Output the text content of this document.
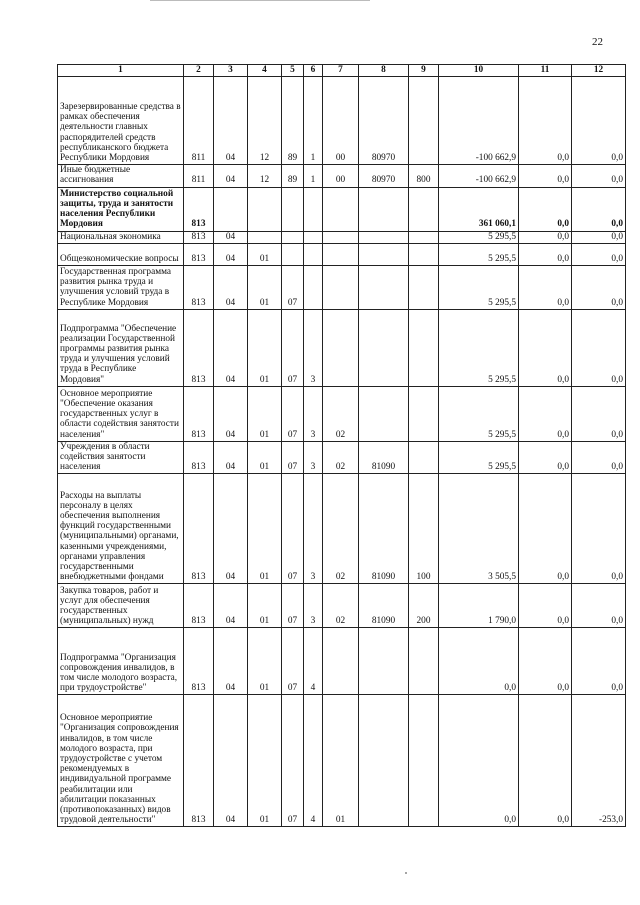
22
1	2	3	4	5	6	7	8	9	10	11	12
Зарезервированные средства в рамках обеспечения деятельности главных распорядителей средств республиканского бюджета Республики Мордовия	811	04	12	89	1	00	80970		-100 662,9	0,0	0,0
Иные бюджетные ассигнования	811	04	12	89	1	00	80970	800	-100 662,9	0,0	0,0
Министерство социальной защиты, труда и занятости населения Республики Мордовия	813								361 060,1	0,0	0,0
Национальная экономика	813	04							5 295,5	0,0	0,0
Общеэкономические вопросы	813	04	01						5 295,5	0,0	0,0
Государственная программа развития рынка труда и улучшения условий труда в Республике Мордовия	813	04	01	07					5 295,5	0,0	0,0
Подпрограмма "Обеспечение реализации Государственной программы развития рынка труда и улучшения условий труда в Республике Мордовия"	813	04	01	07	3				5 295,5	0,0	0,0
Основное мероприятие "Обеспечение оказания государственных услуг в области содействия занятости населения"	813	04	01	07	3	02			5 295,5	0,0	0,0
Учреждения в области содействия занятости населения	813	04	01	07	3	02	81090		5 295,5	0,0	0,0
Расходы на выплаты персоналу в целях обеспечения выполнения функций государственными (муниципальными) органами, казенными учреждениями, органами управления государственными внебюджетными фондами	813	04	01	07	3	02	81090	100	3 505,5	0,0	0,0
Закупка товаров, работ и услуг для обеспечения государственных (муниципальных) нужд	813	04	01	07	3	02	81090	200	1 790,0	0,0	0,0
Подпрограмма "Организация сопровождения инвалидов, в том числе молодого возраста, при трудоустройстве"	813	04	01	07	4				0,0	0,0	0,0
Основное мероприятие "Организация сопровождения инвалидов, в том числе молодого возраста, при трудоустройстве с учетом рекомендуемых в индивидуальной программе реабилитации или абилитации показанных (противопоказанных) видов трудовой деятельности"	813	04	01	07	4	01			0,0	0,0	-253,0
